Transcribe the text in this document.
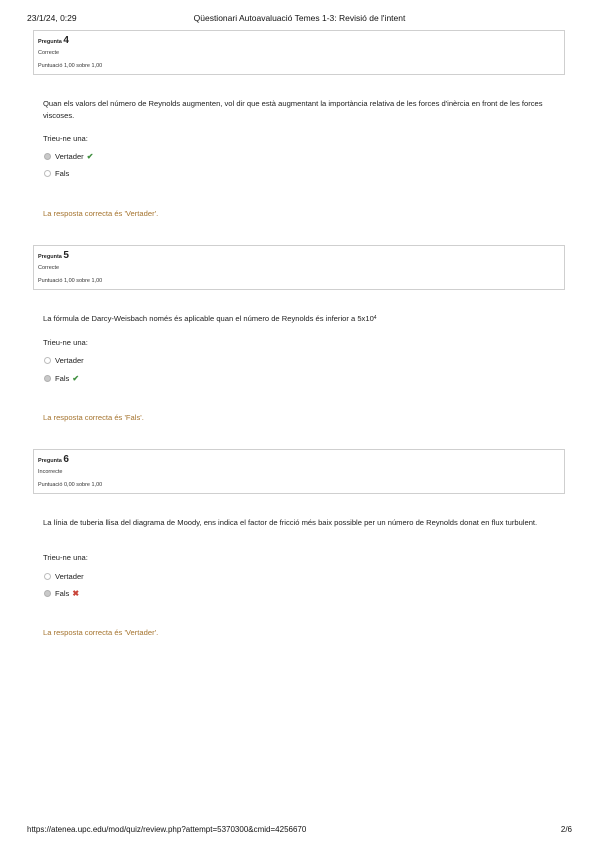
23/1/24, 0:29	Qüestionari Autoavaluació Temes 1-3: Revisió de l'intent
Pregunta 4
Correcte
Puntuació 1,00 sobre 1,00
Quan els valors del número de Reynolds augmenten, vol dir que està augmentant la importància relativa de les forces d'inèrcia en front de les forces viscoses.
Trieu-ne una:
Vertader ✔
Fals
La resposta correcta és 'Vertader'.
Pregunta 5
Correcte
Puntuació 1,00 sobre 1,00
La fórmula de Darcy-Weisbach només és aplicable quan el número de Reynolds és inferior a $5x10^4$
Trieu-ne una:
Vertader
Fals ✔
La resposta correcta és 'Fals'.
Pregunta 6
Incorrecte
Puntuació 0,00 sobre 1,00
La línia de tuberia llisa del diagrama de Moody, ens indica el factor de fricció més baix possible per un número de Reynolds donat en flux turbulent.
Trieu-ne una:
Vertader
Fals ✖
La resposta correcta és 'Vertader'.
https://atenea.upc.edu/mod/quiz/review.php?attempt=5370300&cmid=4256670	2/6
